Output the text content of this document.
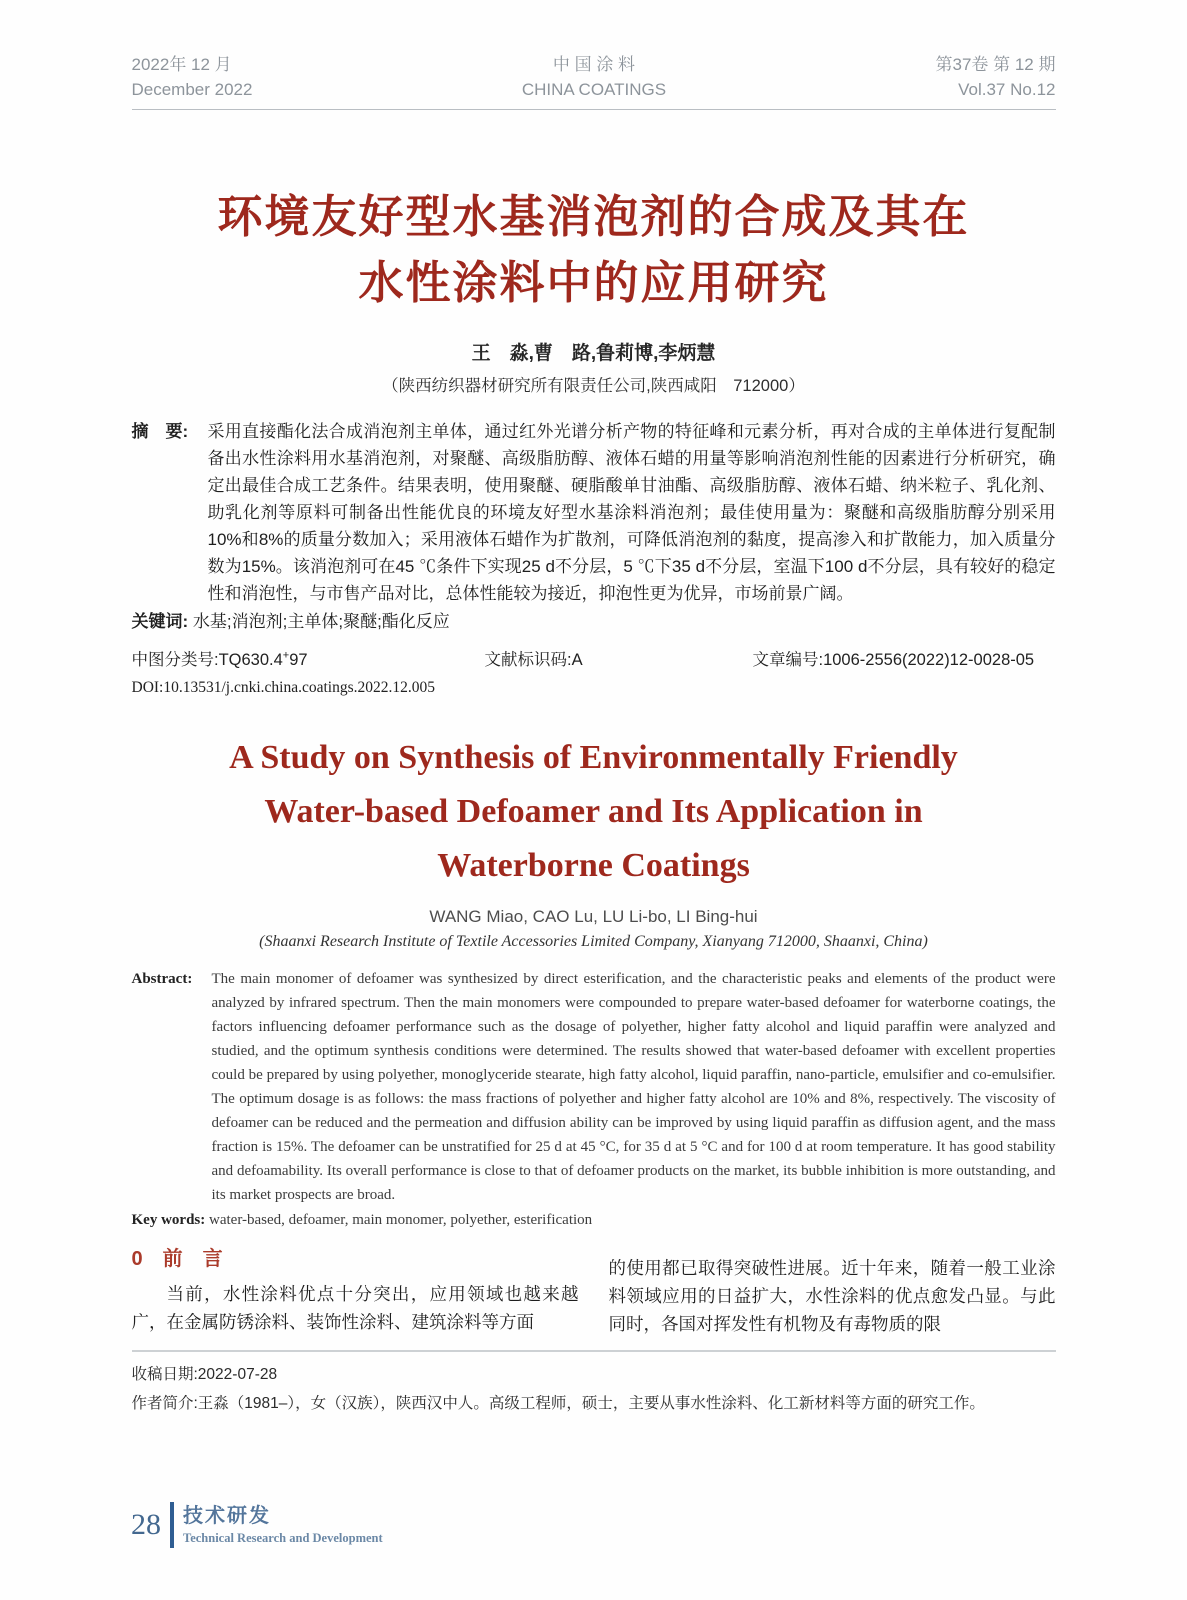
2022年 12 月
December 2022
中 国 涂 料
CHINA COATINGS
第37卷 第 12 期
Vol.37 No.12
环境友好型水基消泡剂的合成及其在
水性涂料中的应用研究
王　淼,曹　路,鲁莉博,李炳慧
（陕西纺织器材研究所有限责任公司,陕西咸阳　712000）
摘　要:	采用直接酯化法合成消泡剂主单体，通过红外光谱分析产物的特征峰和元素分析，再对合成的主单体进行复配制备出水性涂料用水基消泡剂，对聚醚、高级脂肪醇、液体石蜡的用量等影响消泡剂性能的因素进行分析研究，确定出最佳合成工艺条件。结果表明，使用聚醚、硬脂酸单甘油酯、高级脂肪醇、液体石蜡、纳米粒子、乳化剂、助乳化剂等原料可制备出性能优良的环境友好型水基涂料消泡剂；最佳使用量为：聚醚和高级脂肪醇分别采用10%和8%的质量分数加入；采用液体石蜡作为扩散剂，可降低消泡剂的黏度，提高渗入和扩散能力，加入质量分数为15%。该消泡剂可在45 ℃条件下实现25 d不分层，5 ℃下35 d不分层，室温下100 d不分层，具有较好的稳定性和消泡性，与市售产品对比，总体性能较为接近，抑泡性更为优异，市场前景广阔。
关键词: 水基;消泡剂;主单体;聚醚;酯化反应
中图分类号:TQ630.4+97	文献标识码:A	文章编号:1006-2556(2022)12-0028-05
DOI:10.13531/j.cnki.china.coatings.2022.12.005
A Study on Synthesis of Environmentally Friendly
Water-based Defoamer and Its Application in
Waterborne Coatings
WANG Miao, CAO Lu, LU Li-bo, LI Bing-hui
(Shaanxi Research Institute of Textile Accessories Limited Company, Xianyang 712000, Shaanxi, China)
Abstract:	The main monomer of defoamer was synthesized by direct esterification, and the characteristic peaks and elements of the product were analyzed by infrared spectrum. Then the main monomers were compounded to prepare water-based defoamer for waterborne coatings, the factors influencing defoamer performance such as the dosage of polyether, higher fatty alcohol and liquid paraffin were analyzed and studied, and the optimum synthesis conditions were determined. The results showed that water-based defoamer with excellent properties could be prepared by using polyether, monoglyceride stearate, high fatty alcohol, liquid paraffin, nano-particle, emulsifier and co-emulsifier. The optimum dosage is as follows: the mass fractions of polyether and higher fatty alcohol are 10% and 8%, respectively. The viscosity of defoamer can be reduced and the permeation and diffusion ability can be improved by using liquid paraffin as diffusion agent, and the mass fraction is 15%. The defoamer can be unstratified for 25 d at 45 °C, for 35 d at 5 °C and for 100 d at room temperature. It has good stability and defoamability. Its overall performance is close to that of defoamer products on the market, its bubble inhibition is more outstanding, and its market prospects are broad.
Key words: water-based, defoamer, main monomer, polyether, esterification
0　前　言

当前，水性涂料优点十分突出，应用领域也越来越广，在金属防锈涂料、装饰性涂料、建筑涂料等方面

的使用都已取得突破性进展。近十年来，随着一般工业涂料领域应用的日益扩大，水性涂料的优点愈发凸显。与此同时，各国对挥发性有机物及有毒物质的限

收稿日期:2022-07-28
作者简介:王淼（1981–），女（汉族），陕西汉中人。高级工程师，硕士，主要从事水性涂料、化工新材料等方面的研究工作。
28 技术研发
Technical Research and Development
